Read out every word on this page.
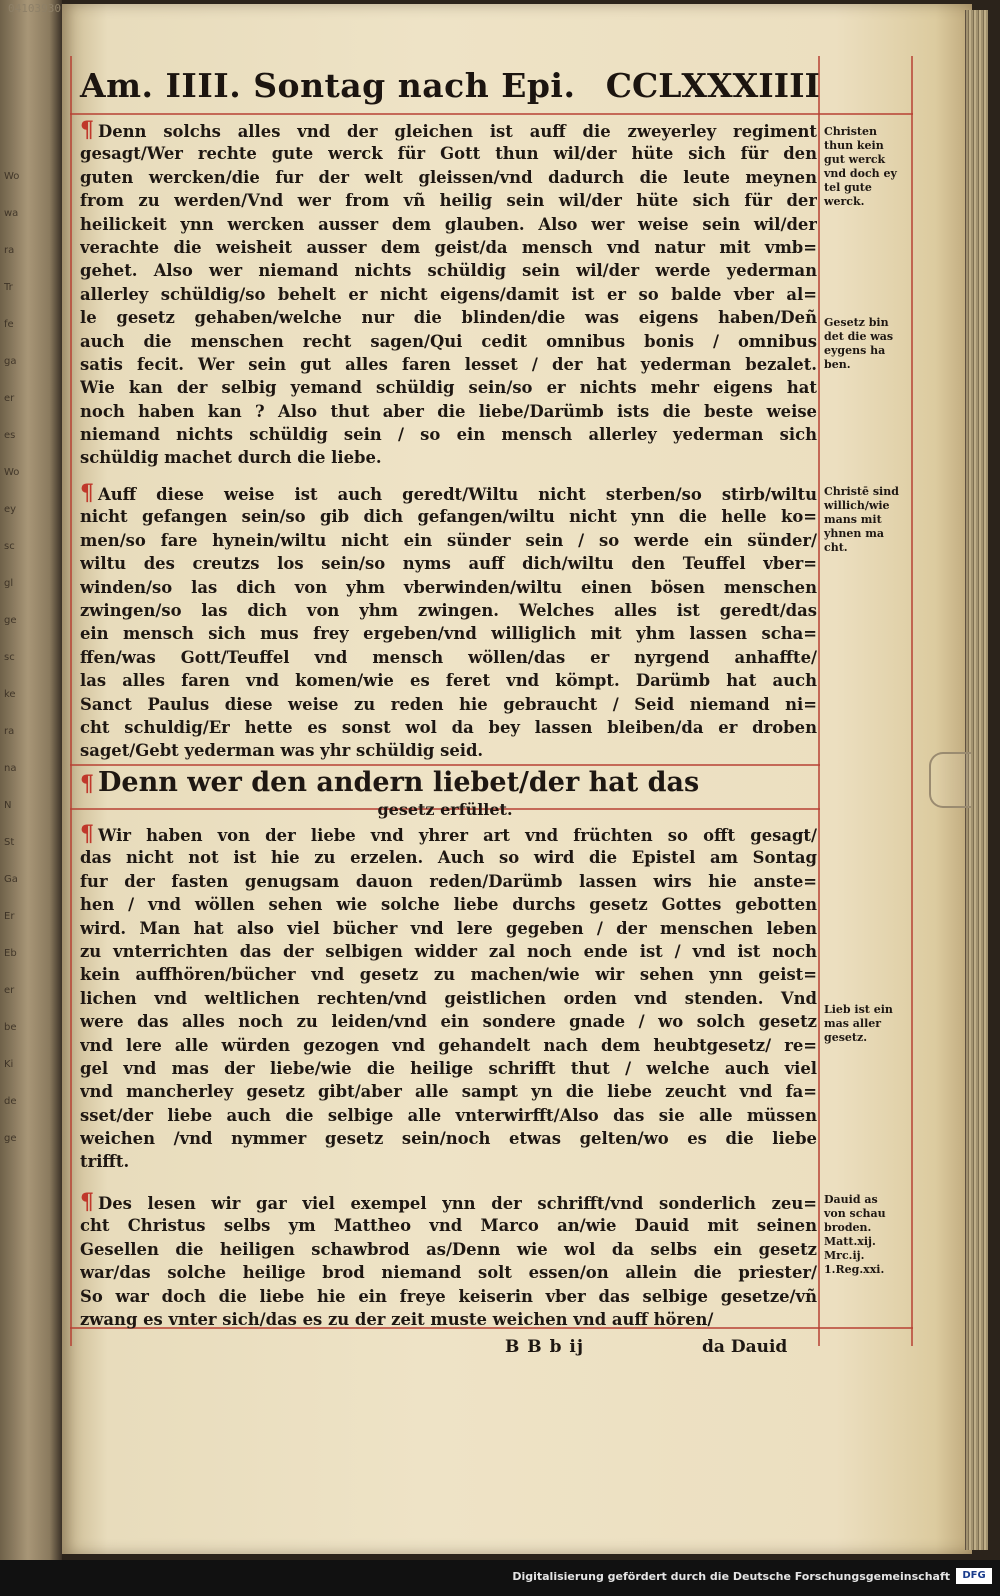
Wo
wa
ra
Tr
fe
ga
er
es
Wo
ey
sc
gl
ge
sc
ke
ra
na
N
St
Ga
Er
Eb
er
be
Ki
de
ge
04103930
Am. IIII. Sontag nach Epi. CCLXXXIIII
¶ Denn solchs alles vnd der gleichen ist auff die zweyerley regiment
gesagt/Wer rechte gute werck für Gott thun wil/der hüte sich für den
guten wercken/die fur der welt gleissen/vnd dadurch die leute meynen
from zu werden/Vnd wer from vñ heilig sein wil/der hüte sich für der
heilickeit ynn wercken ausser dem glauben. Also wer weise sein wil/der
verachte die weisheit ausser dem geist/da mensch vnd natur mit vmb=
gehet. Also wer niemand nichts schüldig sein wil/der werde yederman
allerley schüldig/so behelt er nicht eigens/damit ist er so balde vber al=
le gesetz gehaben/welche nur die blinden/die was eigens haben/Deñ
auch die menschen recht sagen/Qui cedit omnibus bonis / omnibus
satis fecit. Wer sein gut alles faren lesset / der hat yederman bezalet.
Wie kan der selbig yemand schüldig sein/so er nichts mehr eigens hat
noch haben kan ? Also thut aber die liebe/Darümb ists die beste weise
niemand nichts schüldig sein / so ein mensch allerley yederman sich
schüldig machet durch die liebe.
¶ Auff diese weise ist auch geredt/Wiltu nicht sterben/so stirb/wiltu
nicht gefangen sein/so gib dich gefangen/wiltu nicht ynn die helle ko=
men/so fare hynein/wiltu nicht ein sünder sein / so werde ein sünder/
wiltu des creutzs los sein/so nyms auff dich/wiltu den Teuffel vber=
winden/so las dich von yhm vberwinden/wiltu einen bösen menschen
zwingen/so las dich von yhm zwingen. Welches alles ist geredt/das
ein mensch sich mus frey ergeben/vnd williglich mit yhm lassen scha=
ffen/was Gott/Teuffel vnd mensch wöllen/das er nyrgend anhaffte/
las alles faren vnd komen/wie es feret vnd kömpt. Darümb hat auch
Sanct Paulus diese weise zu reden hie gebraucht / Seid niemand ni=
cht schuldig/Er hette es sonst wol da bey lassen bleiben/da er droben
saget/Gebt yederman was yhr schüldig seid.
¶ Denn wer den andern liebet/der hat das
gesetz erfüllet.
¶ Wir haben von der liebe vnd yhrer art vnd früchten so offt gesagt/
das nicht not ist hie zu erzelen. Auch so wird die Epistel am Sontag
fur der fasten genugsam dauon reden/Darümb lassen wirs hie anste=
hen / vnd wöllen sehen wie solche liebe durchs gesetz Gottes gebotten
wird. Man hat also viel bücher vnd lere gegeben / der menschen leben
zu vnterrichten das der selbigen widder zal noch ende ist / vnd ist noch
kein auffhören/bücher vnd gesetz zu machen/wie wir sehen ynn geist=
lichen vnd weltlichen rechten/vnd geistlichen orden vnd stenden. Vnd
were das alles noch zu leiden/vnd ein sondere gnade / wo solch gesetz
vnd lere alle würden gezogen vnd gehandelt nach dem heubtgesetz/ re=
gel vnd mas der liebe/wie die heilige schrifft thut / welche auch viel
vnd mancherley gesetz gibt/aber alle sampt yn die liebe zeucht vnd fa=
sset/der liebe auch die selbige alle vnterwirfft/Also das sie alle müssen
weichen /vnd nymmer gesetz sein/noch etwas gelten/wo es die liebe
trifft.
¶ Des lesen wir gar viel exempel ynn der schrifft/vnd sonderlich zeu=
cht Christus selbs ym Mattheo vnd Marco an/wie Dauid mit seinen
Gesellen die heiligen schawbrod as/Denn wie wol da selbs ein gesetz
war/das solche heilige brod niemand solt essen/on allein die priester/
So war doch die liebe hie ein freye keiserin vber das selbige gesetze/vñ
zwang es vnter sich/das es zu der zeit muste weichen vnd auff hören/
Christen
thun kein
gut werck
vnd doch ey
tel gute
werck.
Gesetz bin
det die was
eygens ha
ben.
Christē sind
willich/wie
mans mit
yhnen ma
cht.
Lieb ist ein
mas aller
gesetz.
Dauid as
von schau
broden.
Matt.xij.
Mrc.ij.
1.Reg.xxi.
B B b ij	da Dauid
Digitalisierung gefördert durch die Deutsche Forschungsgemeinschaft	DFG
